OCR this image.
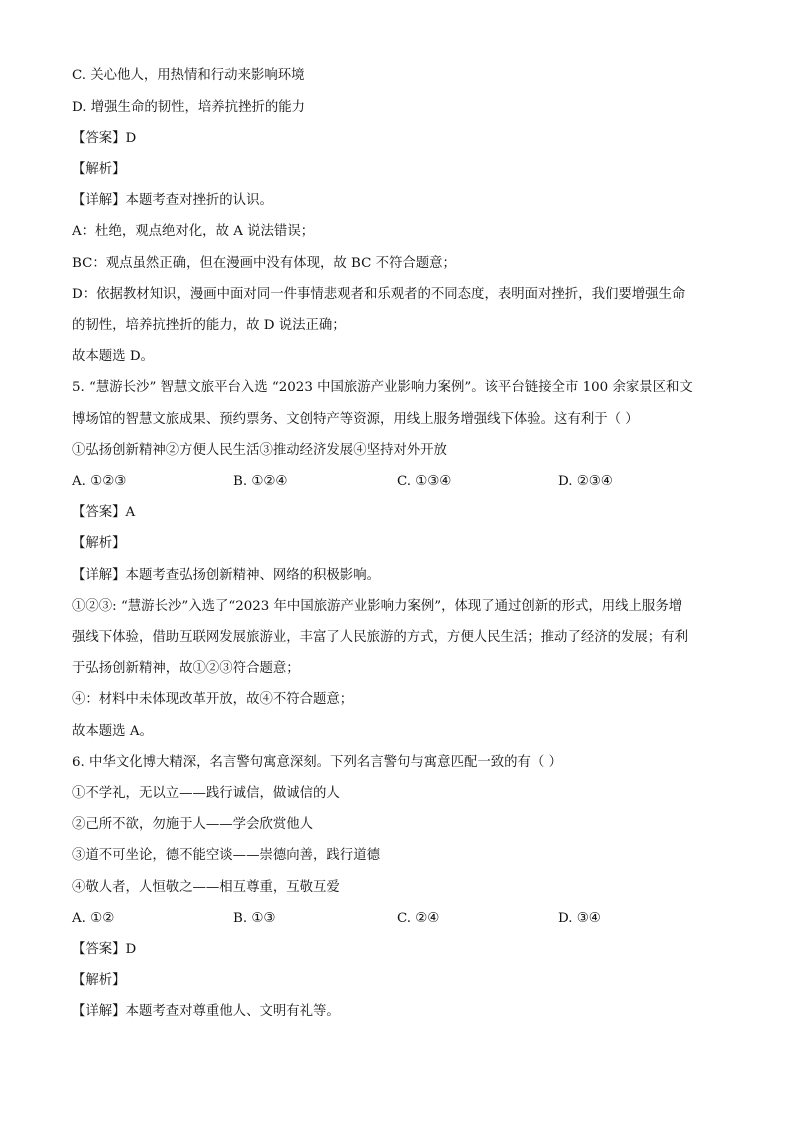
C. 关心他人，用热情和行动来影响环境
D. 增强生命的韧性，培养抗挫折的能力
【答案】D
【解析】
【详解】本题考查对挫折的认识。
A：杜绝，观点绝对化，故 A 说法错误；
BC：观点虽然正确，但在漫画中没有体现，故 BC 不符合题意；
D：依据教材知识，漫画中面对同一件事情悲观者和乐观者的不同态度，表明面对挫折，我们要增强生命
的韧性，培养抗挫折的能力，故 D 说法正确；
故本题选 D。
5. “慧游长沙” 智慧文旅平台入选 “2023 中国旅游产业影响力案例”。该平台链接全市 100 余家景区和文
博场馆的智慧文旅成果、预约票务、文创特产等资源，用线上服务增强线下体验。这有利于（ ）
①弘扬创新精神②方便人民生活③推动经济发展④坚持对外开放
A. ①②③	B. ①②④	C. ①③④	D. ②③④
【答案】A
【解析】
【详解】本题考查弘扬创新精神、网络的积极影响。
①②③: “慧游长沙”入选了“2023 年中国旅游产业影响力案例”，体现了通过创新的形式，用线上服务增
强线下体验，借助互联网发展旅游业，丰富了人民旅游的方式，方便人民生活；推动了经济的发展；有利
于弘扬创新精神，故①②③符合题意；
④：材料中未体现改革开放，故④不符合题意；
故本题选 A。
6. 中华文化博大精深，名言警句寓意深刻。下列名言警句与寓意匹配一致的有（ ）
①不学礼，无以立——践行诚信，做诚信的人
②己所不欲，勿施于人——学会欣赏他人
③道不可坐论，德不能空谈——崇德向善，践行道德
④敬人者，人恒敬之——相互尊重，互敬互爱
A. ①②	B. ①③	C. ②④	D. ③④
【答案】D
【解析】
【详解】本题考查对尊重他人、文明有礼等。
